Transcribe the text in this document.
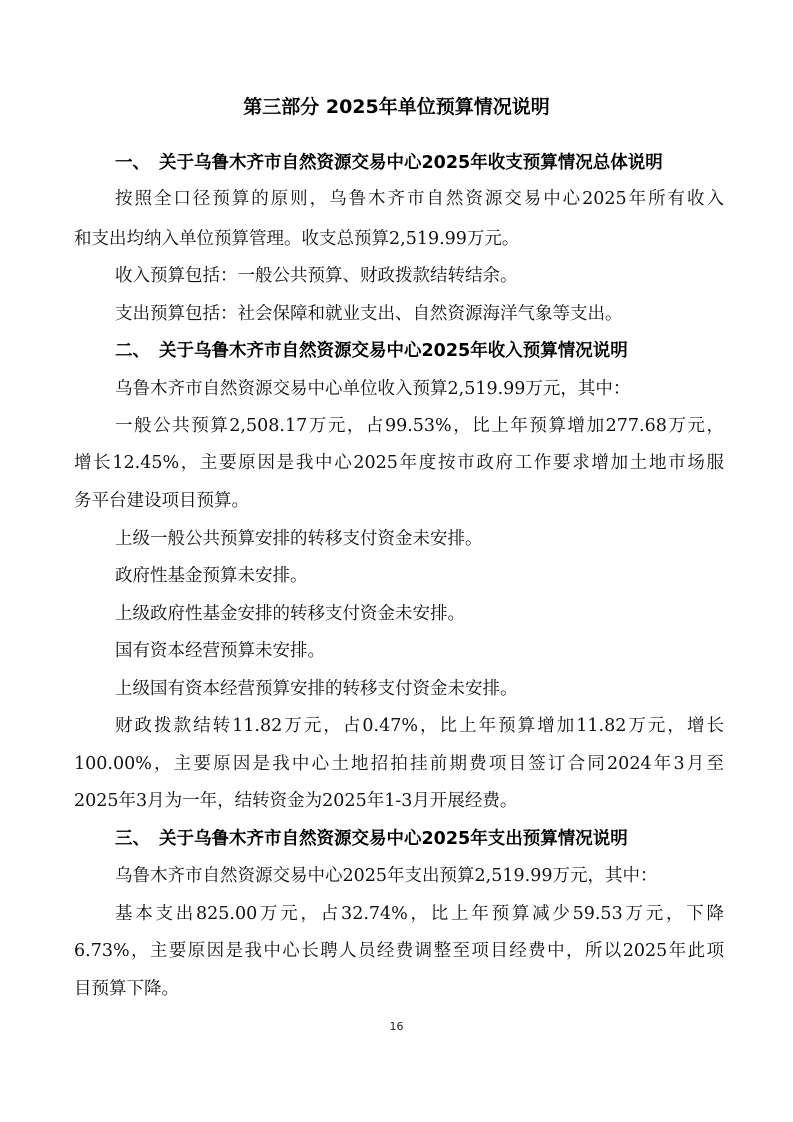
第三部分 2025年单位预算情况说明
一、 关于乌鲁木齐市自然资源交易中心2025年收支预算情况总体说明
按照全口径预算的原则，乌鲁木齐市自然资源交易中心2025年所有收入
和支出均纳入单位预算管理。收支总预算2,519.99万元。
收入预算包括：一般公共预算、财政拨款结转结余。
支出预算包括：社会保障和就业支出、自然资源海洋气象等支出。
二、 关于乌鲁木齐市自然资源交易中心2025年收入预算情况说明
乌鲁木齐市自然资源交易中心单位收入预算2,519.99万元，其中：
一般公共预算2,508.17万元，占99.53%，比上年预算增加277.68万元，
增长12.45%，主要原因是我中心2025年度按市政府工作要求增加土地市场服
务平台建设项目预算。
上级一般公共预算安排的转移支付资金未安排。
政府性基金预算未安排。
上级政府性基金安排的转移支付资金未安排。
国有资本经营预算未安排。
上级国有资本经营预算安排的转移支付资金未安排。
财政拨款结转11.82万元，占0.47%，比上年预算增加11.82万元，增长
100.00%，主要原因是我中心土地招拍挂前期费项目签订合同2024年3月至
2025年3月为一年，结转资金为2025年1-3月开展经费。
三、 关于乌鲁木齐市自然资源交易中心2025年支出预算情况说明
乌鲁木齐市自然资源交易中心2025年支出预算2,519.99万元，其中：
基本支出825.00万元，占32.74%，比上年预算减少59.53万元，下降
6.73%，主要原因是我中心长聘人员经费调整至项目经费中，所以2025年此项
目预算下降。
16
